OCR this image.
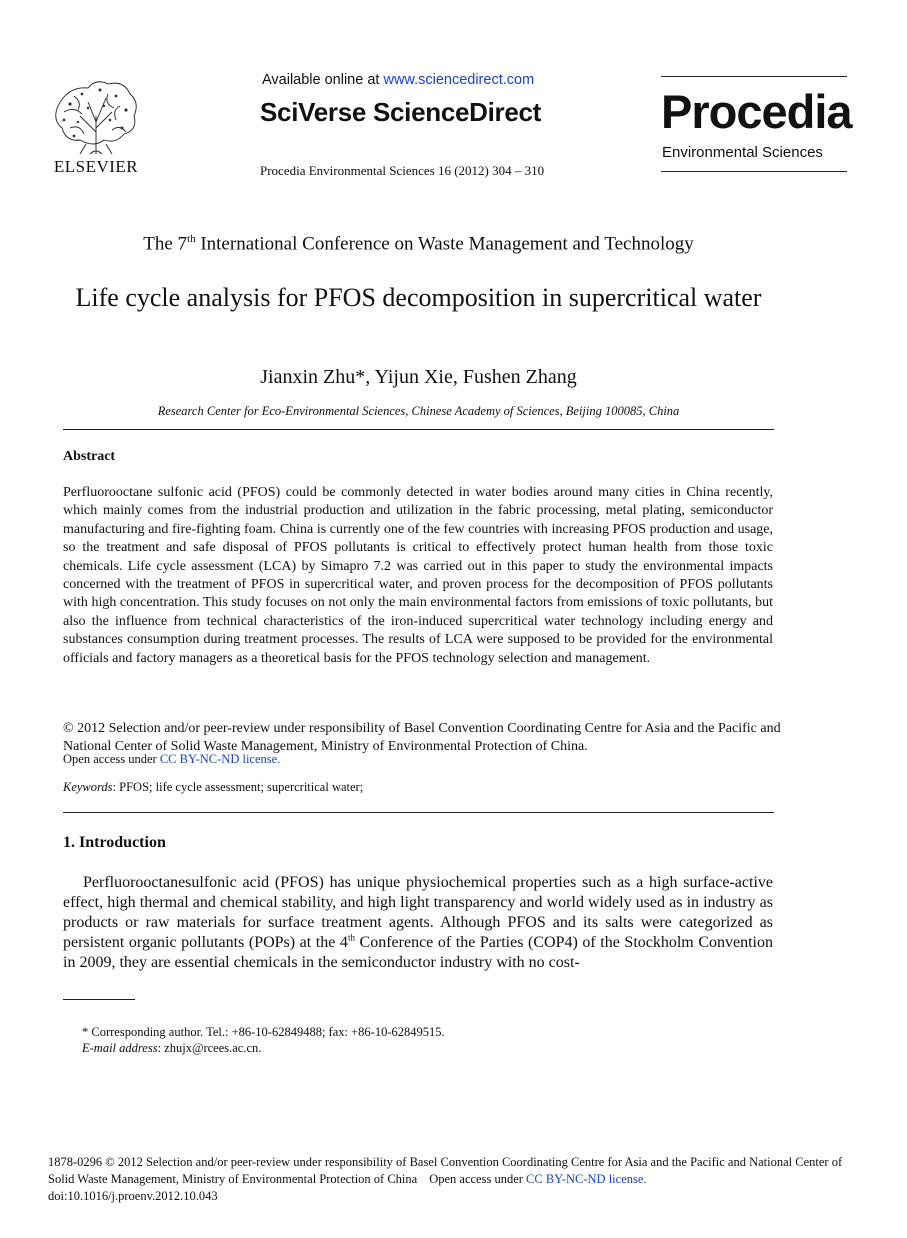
ELSEVIER
Available online at www.sciencedirect.com
SciVerse ScienceDirect
Procedia Environmental Sciences 16 (2012) 304 – 310
Procedia
Environmental Sciences
The 7th International Conference on Waste Management and Technology
Life cycle analysis for PFOS decomposition in supercritical water
Jianxin Zhu*, Yijun Xie, Fushen Zhang
Research Center for Eco-Environmental Sciences, Chinese Academy of Sciences, Beijing 100085, China
Abstract

Perfluorooctane sulfonic acid (PFOS) could be commonly detected in water bodies around many cities in China recently, which mainly comes from the industrial production and utilization in the fabric processing, metal plating, semiconductor manufacturing and fire-fighting foam. China is currently one of the few countries with increasing PFOS production and usage, so the treatment and safe disposal of PFOS pollutants is critical to effectively protect human health from those toxic chemicals. Life cycle assessment (LCA) by Simapro 7.2 was carried out in this paper to study the environmental impacts concerned with the treatment of PFOS in supercritical water, and proven process for the decomposition of PFOS pollutants with high concentration. This study focuses on not only the main environmental factors from emissions of toxic pollutants, but also the influence from technical characteristics of the iron-induced supercritical water technology including energy and substances consumption during treatment processes. The results of LCA were supposed to be provided for the environmental officials and factory managers as a theoretical basis for the PFOS technology selection and management.

© 2012 Selection and/or peer-review under responsibility of Basel Convention Coordinating Centre for Asia and the Pacific and National Center of Solid Waste Management, Ministry of Environmental Protection of China.

Open access under CC BY-NC-ND license.
Keywords: PFOS; life cycle assessment; supercritical water;
1. Introduction

Perfluorooctanesulfonic acid (PFOS) has unique physiochemical properties such as a high surface-active effect, high thermal and chemical stability, and high light transparency and world widely used as in industry as products or raw materials for surface treatment agents. Although PFOS and its salts were categorized as persistent organic pollutants (POPs) at the 4th Conference of the Parties (COP4) of the Stockholm Convention in 2009, they are essential chemicals in the semiconductor industry with no cost-

* Corresponding author. Tel.: +86-10-62849488; fax: +86-10-62849515.
E-mail address: zhujx@rcees.ac.cn.

1878-0296 © 2012 Selection and/or peer-review under responsibility of Basel Convention Coordinating Centre for Asia and the Pacific and National Center of Solid Waste Management, Ministry of Environmental Protection of China Open access under CC BY-NC-ND license.
doi:10.1016/j.proenv.2012.10.043
